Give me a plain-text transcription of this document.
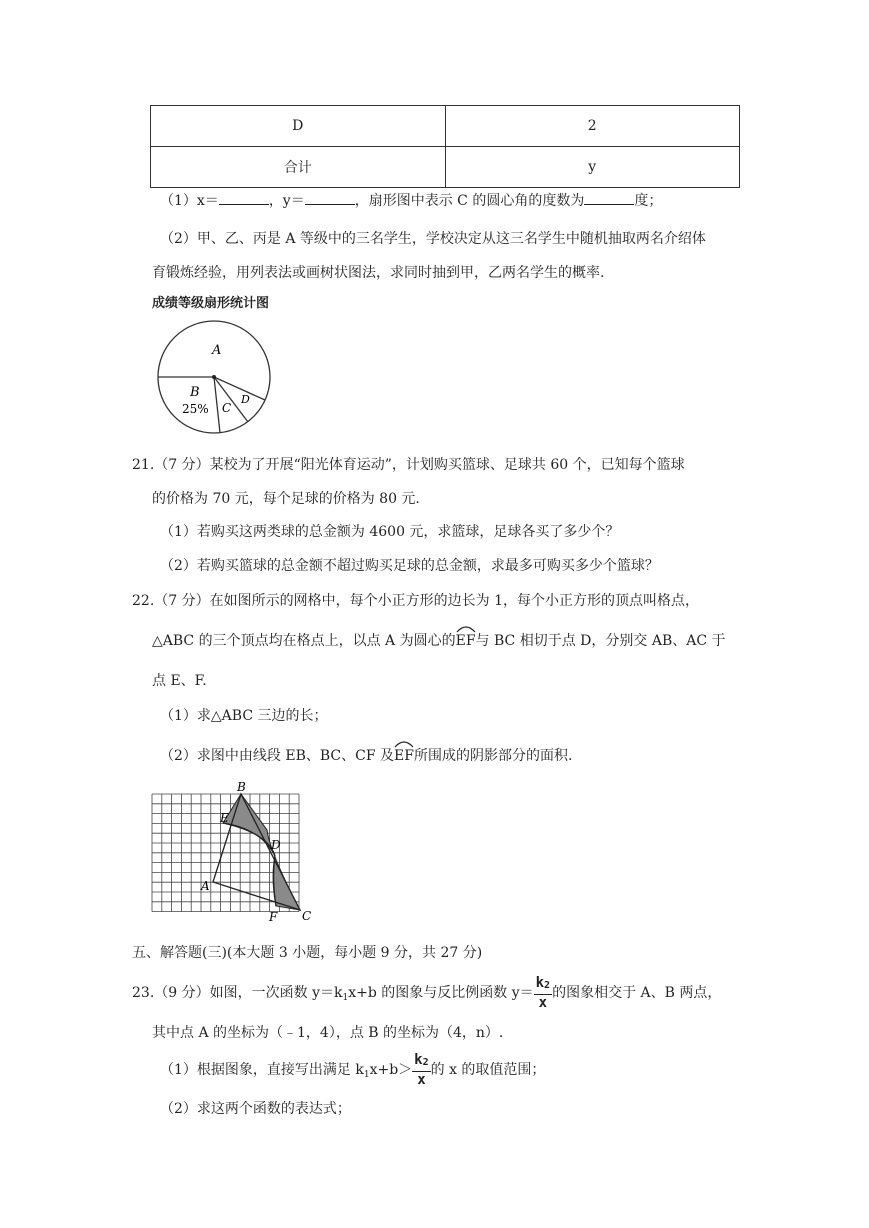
D	2
合计	y
（1）x＝	，y＝	，扇形图中表示 C 的圆心角的度数为	度；
（2）甲、乙、丙是 A 等级中的三名学生，学校决定从这三名学生中随机抽取两名介绍体
育锻炼经验，用列表法或画树状图法，求同时抽到甲，乙两名学生的概率.
成绩等级扇形统计图
A
B
25% C
D
21.（7 分）某校为了开展“阳光体育运动”，计划购买篮球、足球共 60 个，已知每个篮球
的价格为 70 元，每个足球的价格为 80 元.
（1）若购买这两类球的总金额为 4600 元，求篮球，足球各买了多少个？
（2）若购买篮球的总金额不超过购买足球的总金额，求最多可购买多少个篮球？
22.（7 分）在如图所示的网格中，每个小正方形的边长为 1，每个小正方形的顶点叫格点，
△ABC 的三个顶点均在格点上，以点 A 为圆心的
EF与 BC 相切于点 D，分别交 AB、AC 于
点 E、F.
（1）求△ABC 三边的长；
（2）求图中由线段 EB、BC、CF 及
EF所围成的阴影部分的面积.
B
E
D
A
F C
五、解答题(三)(本大题 3 小题，每小题 9 分，共 27 分)
23.（9 分）如图，一次函数 $y=k_1x+b$ 的图象与反比例函数 $y= \frac{k2}{x}$ 的图象相交于 A、B 两点，
其中点 A 的坐标为（﹣1，4），点 B 的坐标为（4，n）.
（1）根据图象，直接写出满足 $k_1x+b> \frac{k2}{x}$ 的 x 的取值范围；
（2）求这两个函数的表达式；
